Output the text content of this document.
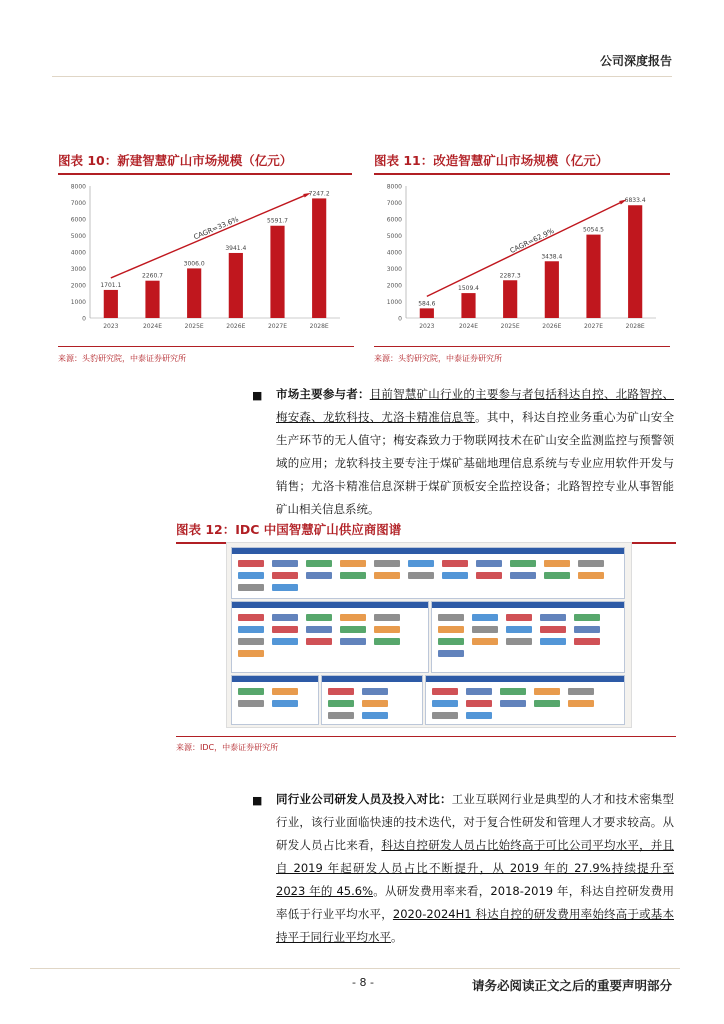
公司深度报告
图表 10：新建智慧矿山市场规模（亿元）
0
1000
2000
3000
4000
5000
6000
7000
8000
1701.1
2023
2260.7
2024E
3006.0
2025E
3941.4
2026E
5591.7
2027E
7247.2
2028E
CAGR=33.6%
来源：头豹研究院，中泰证券研究所
图表 11：改造智慧矿山市场规模（亿元）
0
1000
2000
3000
4000
5000
6000
7000
8000
584.6
2023
1509.4
2024E
2287.3
2025E
3438.4
2026E
5054.5
2027E
6833.4
2028E
CAGR=62.9%
来源：头豹研究院，中泰证券研究所
■ 市场主要参与者：目前智慧矿山行业的主要参与者包括科达自控、北路智控、梅安森、龙软科技、尤洛卡精准信息等。其中，科达自控业务重心为矿山安全生产环节的无人值守；梅安森致力于物联网技术在矿山安全监测监控与预警领域的应用；龙软科技主要专注于煤矿基础地理信息系统与专业应用软件开发与销售；尤洛卡精准信息深耕于煤矿顶板安全监控设备；北路智控专业从事智能矿山相关信息系统。
图表 12：IDC 中国智慧矿山供应商图谱
来源：IDC，中泰证券研究所
■ 同行业公司研发人员及投入对比：工业互联网行业是典型的人才和技术密集型行业，该行业面临快速的技术迭代，对于复合性研发和管理人才要求较高。从研发人员占比来看，科达自控研发人员占比始终高于可比公司平均水平，并且自 2019 年起研发人员占比不断提升，从 2019 年的 27.9%持续提升至 2023 年的 45.6%。从研发费用率来看，2018-2019 年，科达自控研发费用率低于行业平均水平，2020-2024H1 科达自控的研发费用率始终高于或基本持平于同行业平均水平。
- 8 -	请务必阅读正文之后的重要声明部分
